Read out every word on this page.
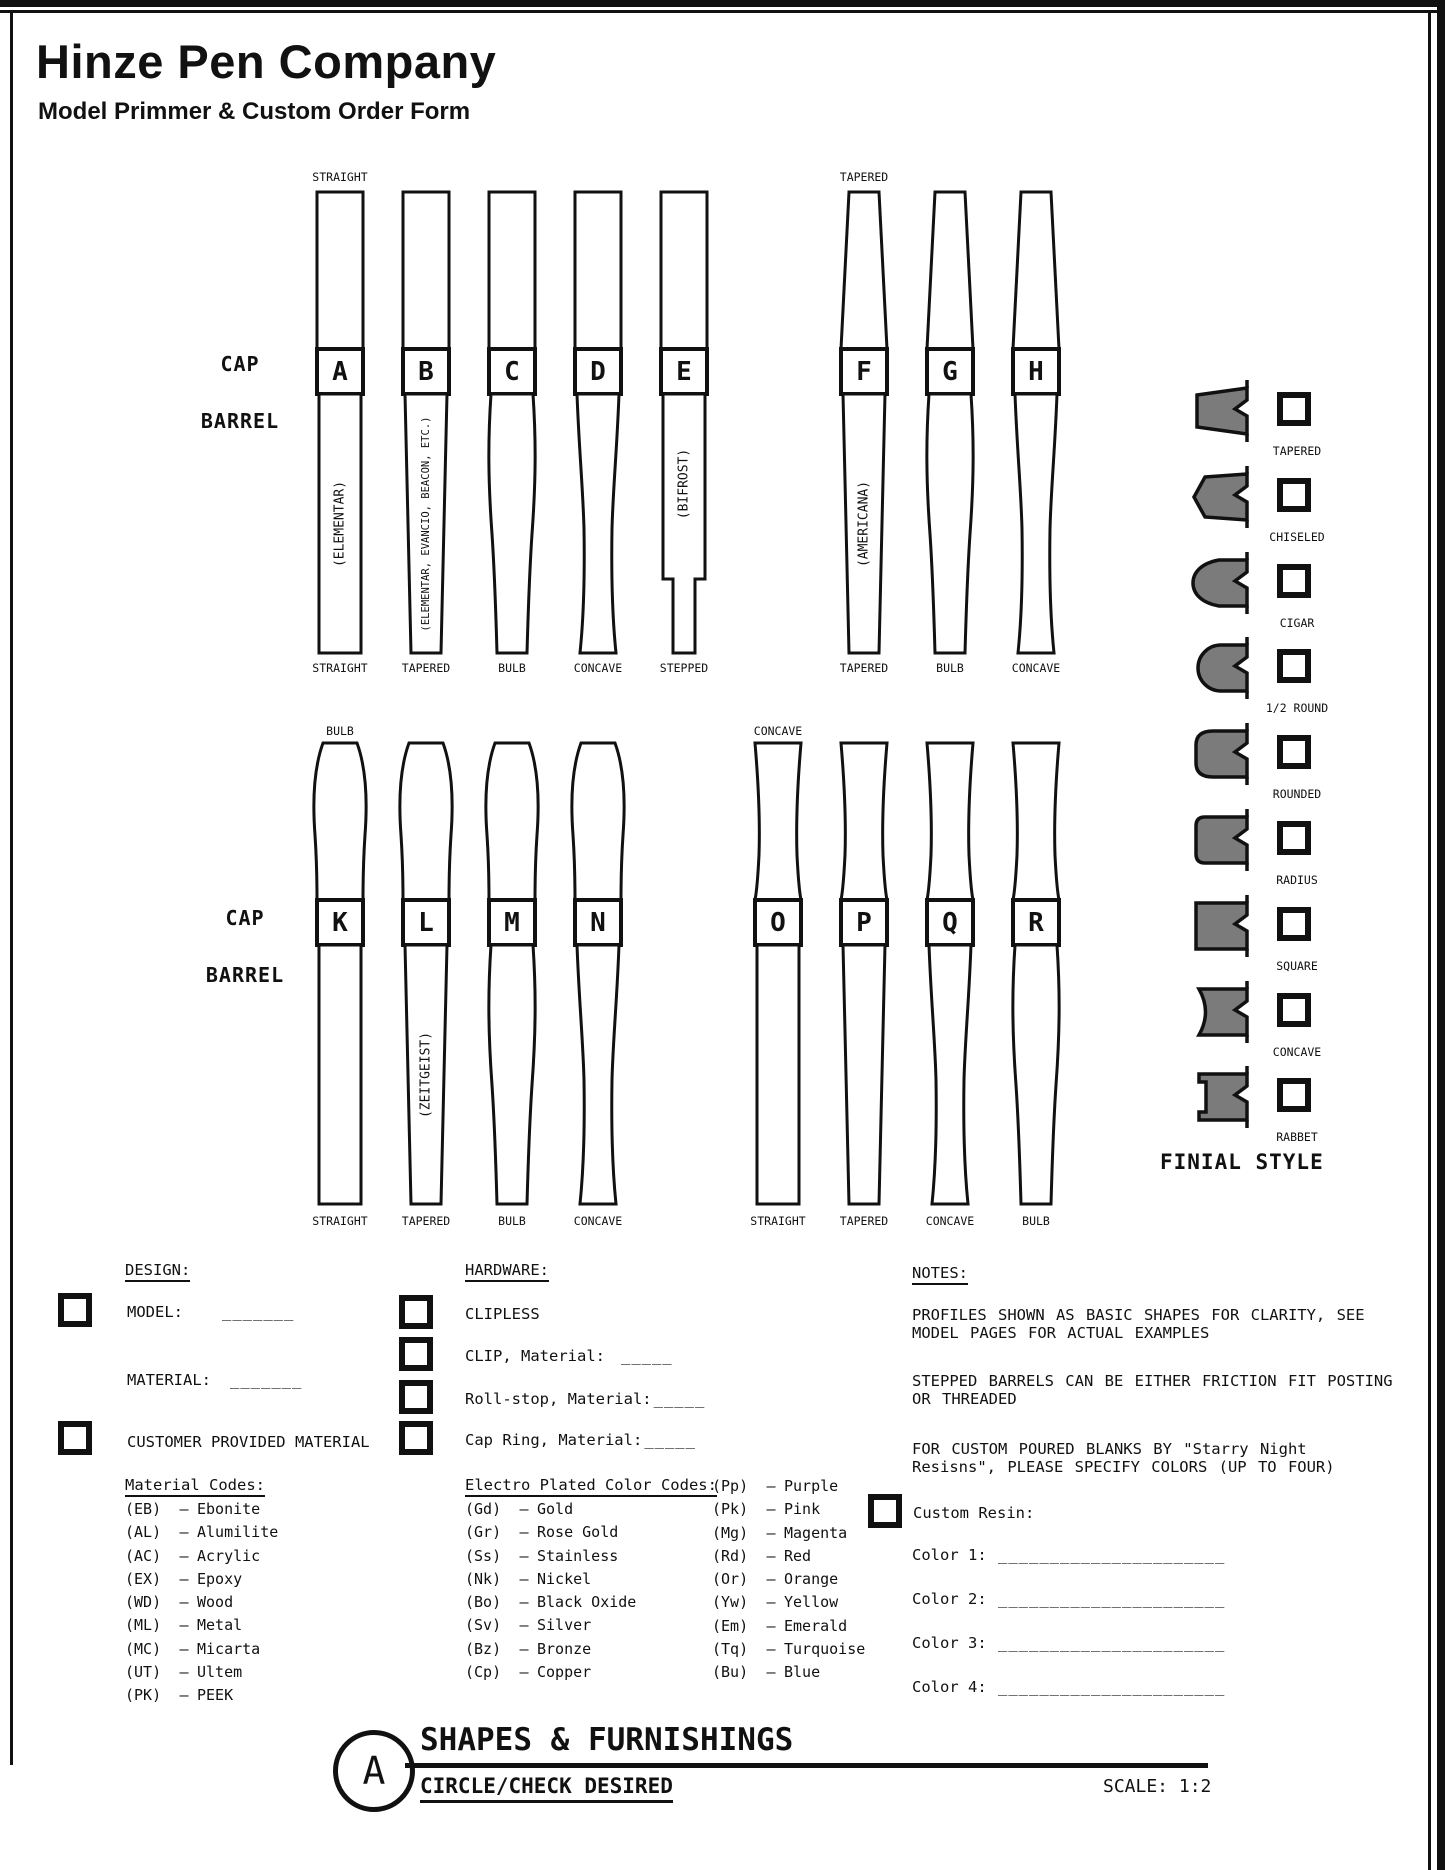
Hinze Pen Company
Model Primmer & Custom Order Form
CAP
BARREL
CAP
BARREL
STRAIGHT
(ELEMENTAR)
A
STRAIGHT
(ELEMENTAR, EVANCIO, BEACON, ETC.)
B
TAPERED
C
BULB
D
CONCAVE
(BIFROST)
E
STEPPED
TAPERED
(AMERICANA)
F
TAPERED
G
BULB
H
CONCAVE
BULB
K
STRAIGHT
(ZEITGEIST)
L
TAPERED
M
BULB
N
CONCAVE
CONCAVE
O
STRAIGHT
P
TAPERED
Q
CONCAVE
R
BULB
TAPERED
CHISELED
CIGAR
1/2 ROUND
ROUNDED
RADIUS
SQUARE
CONCAVE
RABBET
(EB) – Ebonite
(AL) – Alumilite
(AC) – Acrylic
(EX) – Epoxy
(WD) – Wood
(ML) – Metal
(MC) – Micarta
(UT) – Ultem
(PK) – PEEK
CLIPLESS
CLIP, Material: _____
Roll-stop, Material: _____
Cap Ring, Material: _____
(Gd) – Gold
(Gr) – Rose Gold
(Ss) – Stainless
(Nk) – Nickel
(Bo) – Black Oxide
(Sv) – Silver
(Bz) – Bronze
(Cp) – Copper
(Pp) – Purple
(Pk) – Pink
(Mg) – Magenta
(Rd) – Red
(Or) – Orange
(Yw) – Yellow
(Em) – Emerald
(Tq) – Turquoise
(Bu) – Blue
Color 1: ______________________
Color 2: ______________________
Color 3: ______________________
Color 4: ______________________
FINIAL STYLE
DESIGN:
MODEL:	_______
MATERIAL: _______
CUSTOMER PROVIDED MATERIAL
Material Codes:
HARDWARE:
Electro Plated Color Codes:
NOTES:
PROFILES SHOWN AS BASIC SHAPES FOR CLARITY, SEE MODEL PAGES FOR ACTUAL EXAMPLES
STEPPED BARRELS CAN BE EITHER FRICTION FIT POSTING OR THREADED
FOR CUSTOM POURED BLANKS BY "Starry Night Resisns", PLEASE SPECIFY COLORS (UP TO FOUR)
Custom Resin:
A
SHAPES & FURNISHINGS
CIRCLE/CHECK DESIRED	SCALE: 1:2
